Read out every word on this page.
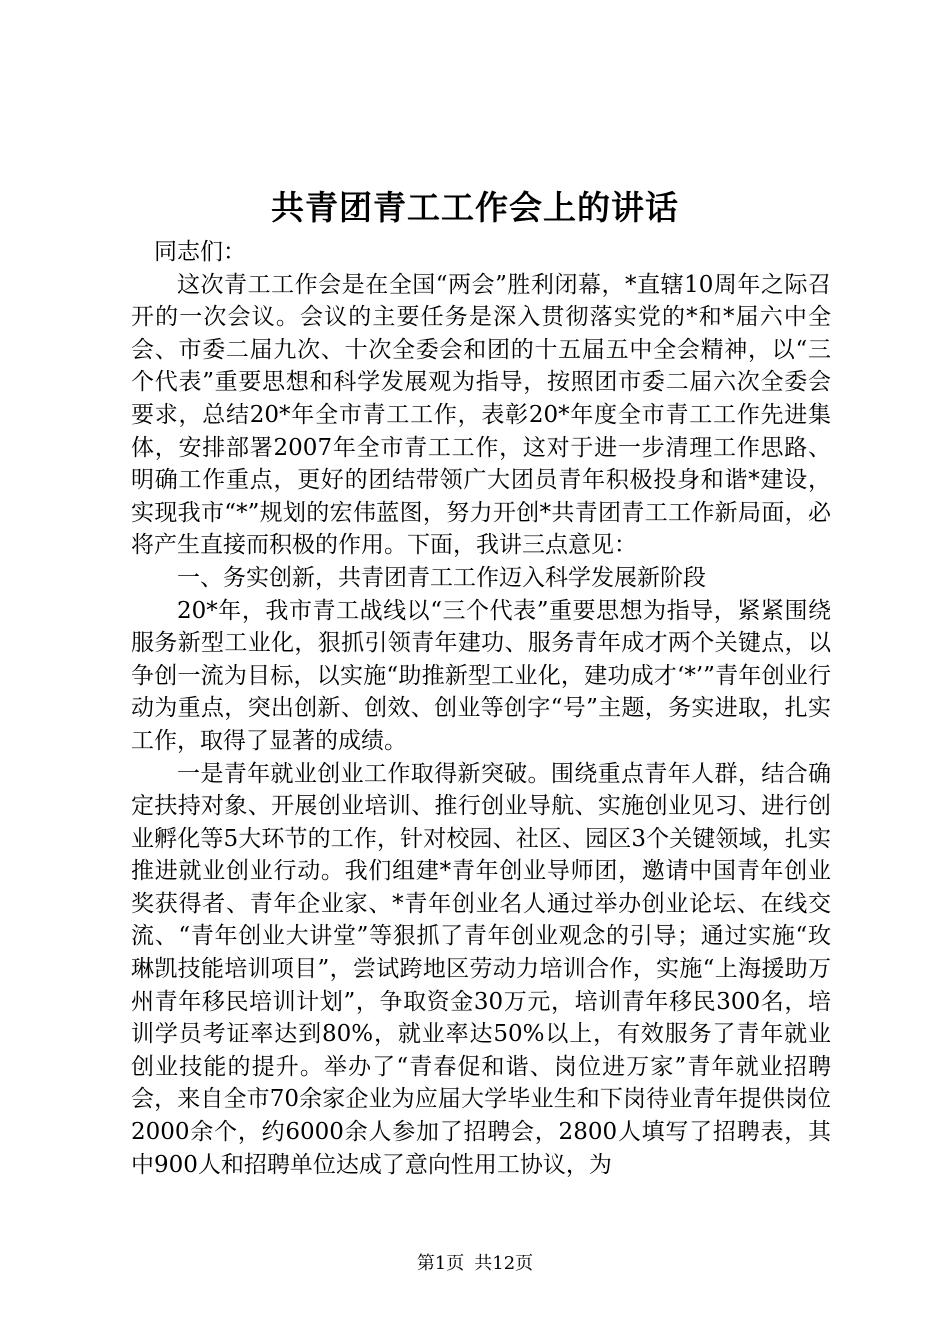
共青团青工工作会上的讲话

同志们：

这次青工工作会是在全国“两会”胜利闭幕，*直辖10周年之际召开的一次会议。会议的主要任务是深入贯彻落实党的*和*届六中全会、市委二届九次、十次全委会和团的十五届五中全会精神，以“三个代表”重要思想和科学发展观为指导，按照团市委二届六次全委会要求，总结20*年全市青工工作，表彰20*年度全市青工工作先进集体，安排部署2007年全市青工工作，这对于进一步清理工作思路、明确工作重点，更好的团结带领广大团员青年积极投身和谐*建设，实现我市“*”规划的宏伟蓝图，努力开创*共青团青工工作新局面，必将产生直接而积极的作用。下面，我讲三点意见：

一、务实创新，共青团青工工作迈入科学发展新阶段

20*年，我市青工战线以“三个代表”重要思想为指导，紧紧围绕服务新型工业化，狠抓引领青年建功、服务青年成才两个关键点，以争创一流为目标，以实施“助推新型工业化，建功成才‘*’”青年创业行动为重点，突出创新、创效、创业等创字“号”主题，务实进取，扎实工作，取得了显著的成绩。

一是青年就业创业工作取得新突破。围绕重点青年人群，结合确定扶持对象、开展创业培训、推行创业导航、实施创业见习、进行创业孵化等5大环节的工作，针对校园、社区、园区3个关键领域，扎实推进就业创业行动。我们组建*青年创业导师团，邀请中国青年创业奖获得者、青年企业家、*青年创业名人通过举办创业论坛、在线交流、“青年创业大讲堂”等狠抓了青年创业观念的引导；通过实施“玫琳凯技能培训项目”，尝试跨地区劳动力培训合作，实施“上海援助万州青年移民培训计划”，争取资金30万元，培训青年移民300名，培训学员考证率达到80%，就业率达50%以上，有效服务了青年就业创业技能的提升。举办了“青春促和谐、岗位进万家”青年就业招聘会，来自全市70余家企业为应届大学毕业生和下岗待业青年提供岗位2000余个，约6000余人参加了招聘会，2800人填写了招聘表，其中900人和招聘单位达成了意向性用工协议，为

第1页 共12页
